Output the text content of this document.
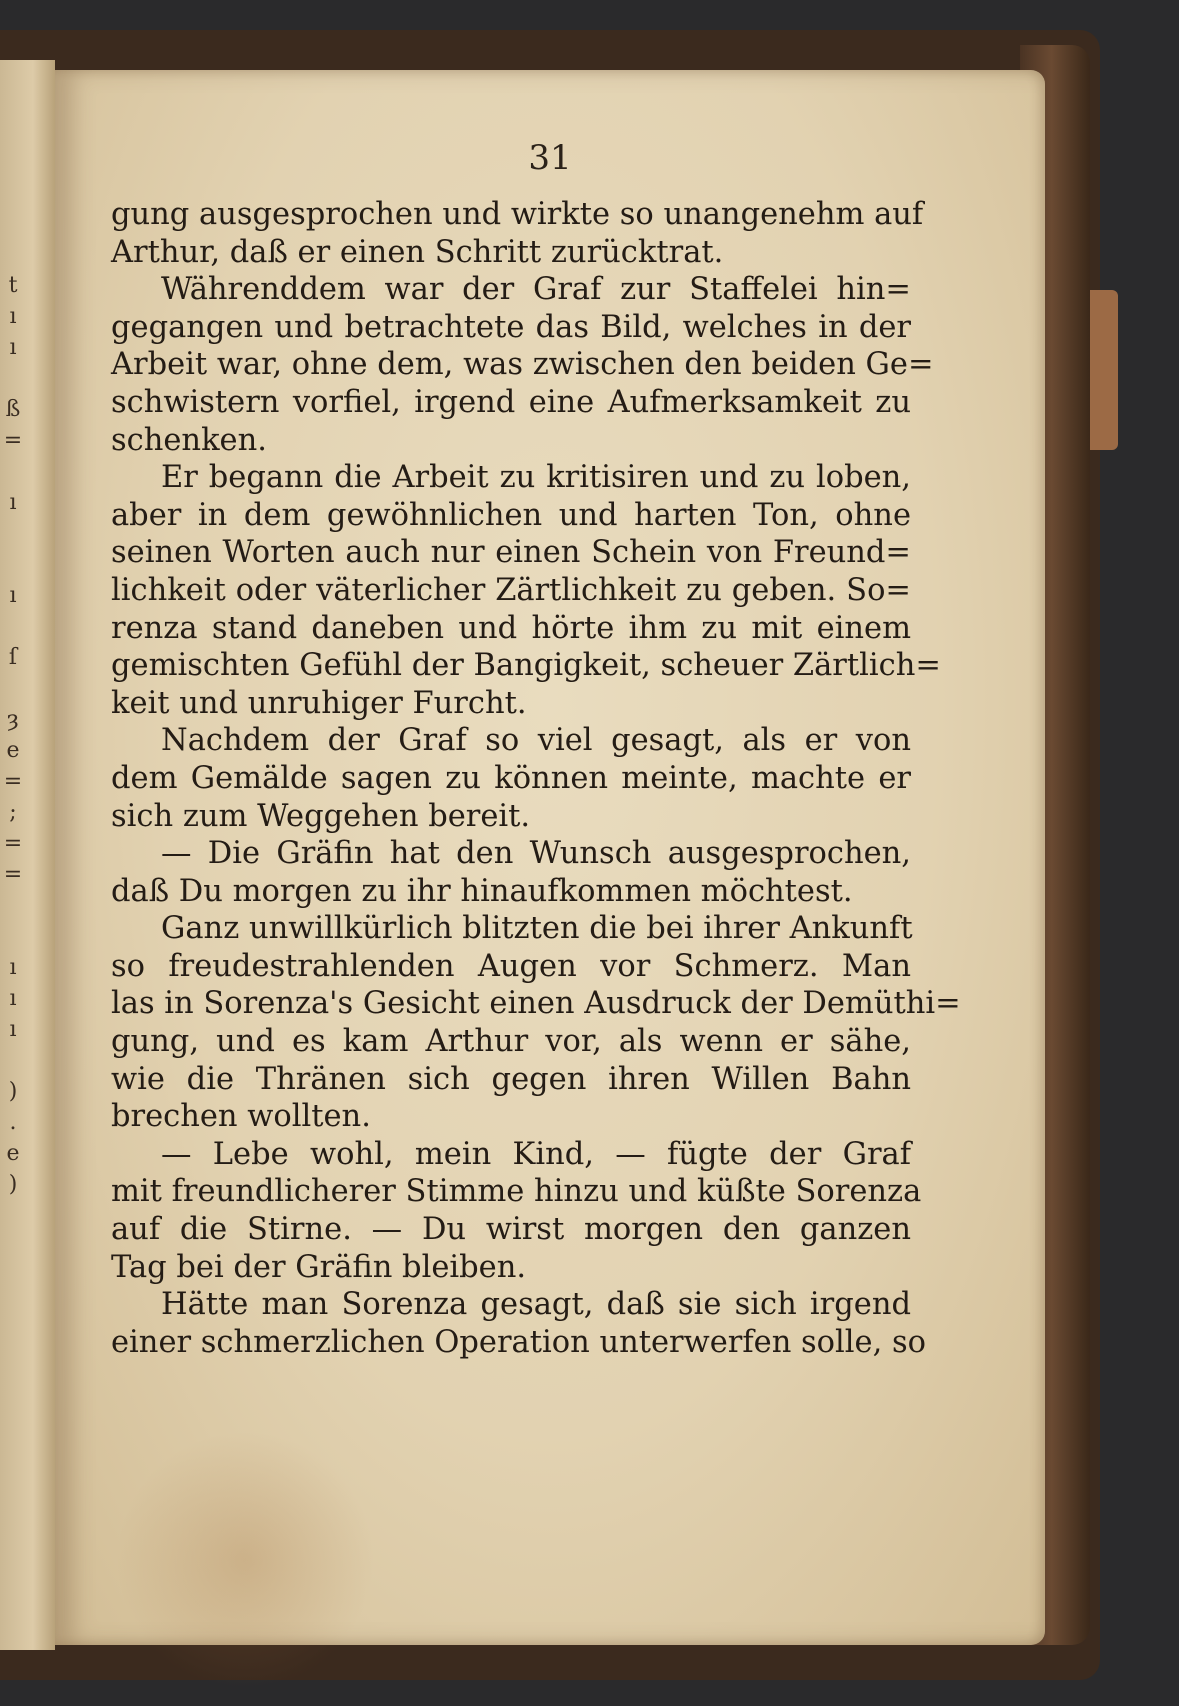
t
ı
ı

ß
=

ı

ı

ſ

ȝ
e
=
;
=
=

ı
ı
ı

)
.
e
)
31
gung ausgesprochen und wirkte so unangenehm auf
Arthur, daß er einen Schritt zurücktrat.
Währenddem war der Graf zur Staffelei hin=
gegangen und betrachtete das Bild, welches in der
Arbeit war, ohne dem, was zwischen den beiden Ge=
schwistern vorfiel, irgend eine Aufmerksamkeit zu
schenken.
Er begann die Arbeit zu kritisiren und zu loben,
aber in dem gewöhnlichen und harten Ton, ohne
seinen Worten auch nur einen Schein von Freund=
lichkeit oder väterlicher Zärtlichkeit zu geben. So=
renza stand daneben und hörte ihm zu mit einem
gemischten Gefühl der Bangigkeit, scheuer Zärtlich=
keit und unruhiger Furcht.
Nachdem der Graf so viel gesagt, als er von
dem Gemälde sagen zu können meinte, machte er
sich zum Weggehen bereit.
— Die Gräfin hat den Wunsch ausgesprochen,
daß Du morgen zu ihr hinaufkommen möchtest.
Ganz unwillkürlich blitzten die bei ihrer Ankunft
so freudestrahlenden Augen vor Schmerz. Man
las in Sorenza's Gesicht einen Ausdruck der Demüthi=
gung, und es kam Arthur vor, als wenn er sähe,
wie die Thränen sich gegen ihren Willen Bahn
brechen wollten.
— Lebe wohl, mein Kind, — fügte der Graf
mit freundlicherer Stimme hinzu und küßte Sorenza
auf die Stirne. — Du wirst morgen den ganzen
Tag bei der Gräfin bleiben.
Hätte man Sorenza gesagt, daß sie sich irgend
einer schmerzlichen Operation unterwerfen solle, so
